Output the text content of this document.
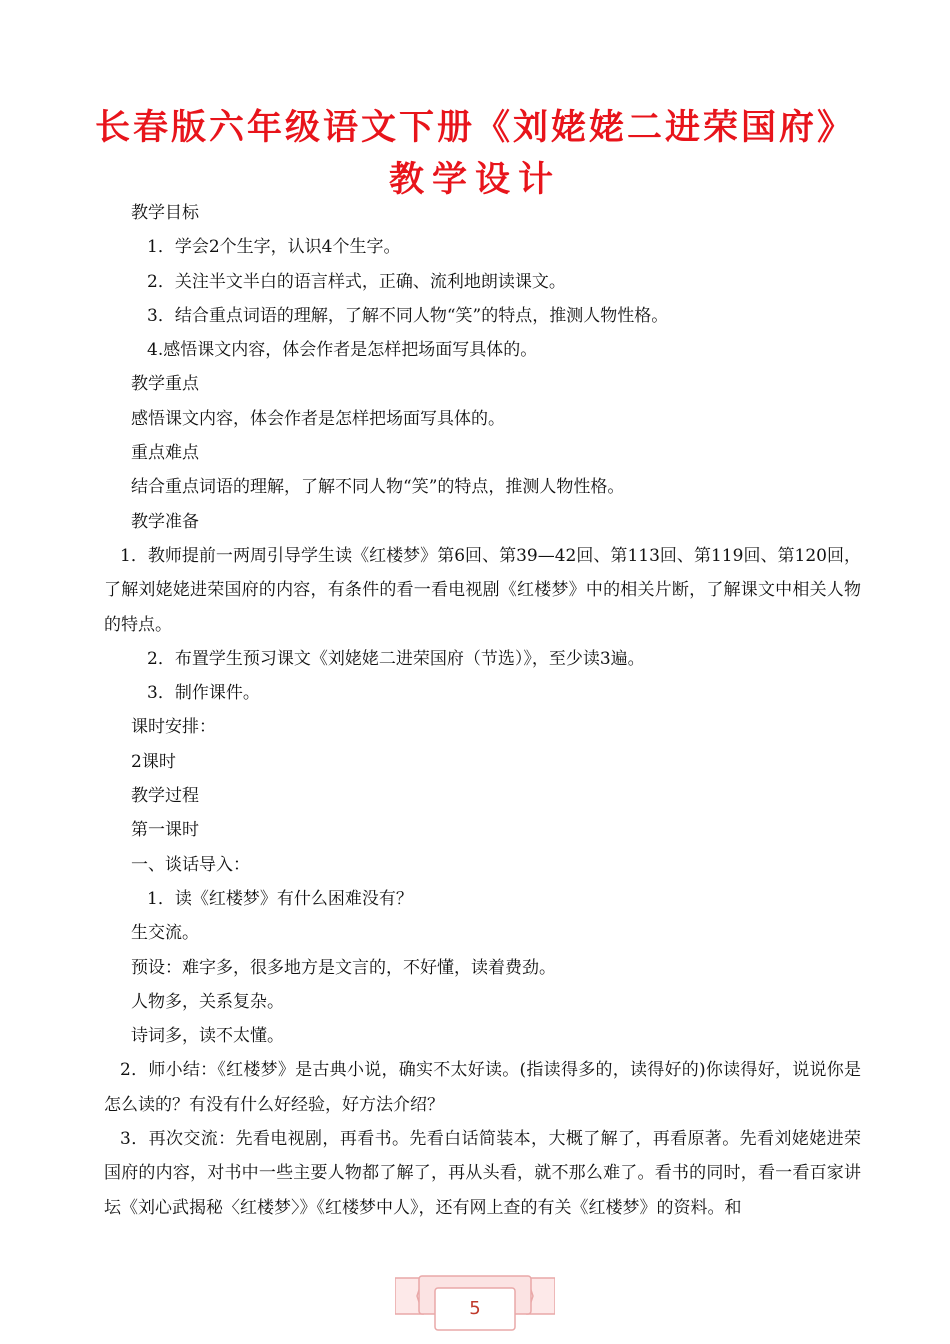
长春版六年级语文下册《刘姥姥二进荣国府》
教学设计
教学目标
1．学会2个生字，认识4个生字。
2．关注半文半白的语言样式，正确、流利地朗读课文。
3．结合重点词语的理解，了解不同人物“笑”的特点，推测人物性格。
4.感悟课文内容，体会作者是怎样把场面写具体的。
教学重点
感悟课文内容，体会作者是怎样把场面写具体的。
重点难点
结合重点词语的理解，了解不同人物“笑”的特点，推测人物性格。
教学准备
1．教师提前一两周引导学生读《红楼梦》第6回、第39—42回、第113回、第119回、第120回，了解刘姥姥进荣国府的内容，有条件的看一看电视剧《红楼梦》中的相关片断，了解课文中相关人物的特点。
2．布置学生预习课文《刘姥姥二进荣国府（节选）》，至少读3遍。
3．制作课件。
课时安排：
2课时
教学过程
第一课时
一、谈话导入：
1．读《红楼梦》有什么困难没有？
生交流。
预设：难字多，很多地方是文言的，不好懂，读着费劲。
人物多，关系复杂。
诗词多，读不太懂。
2．师小结：《红楼梦》是古典小说，确实不太好读。(指读得多的，读得好的)你读得好，说说你是怎么读的？有没有什么好经验，好方法介绍？
3．再次交流：先看电视剧，再看书。先看白话简装本，大概了解了，再看原著。先看刘姥姥进荣国府的内容，对书中一些主要人物都了解了，再从头看，就不那么难了。看书的同时，看一看百家讲坛《刘心武揭秘〈红楼梦〉》《红楼梦中人》，还有网上查的有关《红楼梦》的资料。和
5
